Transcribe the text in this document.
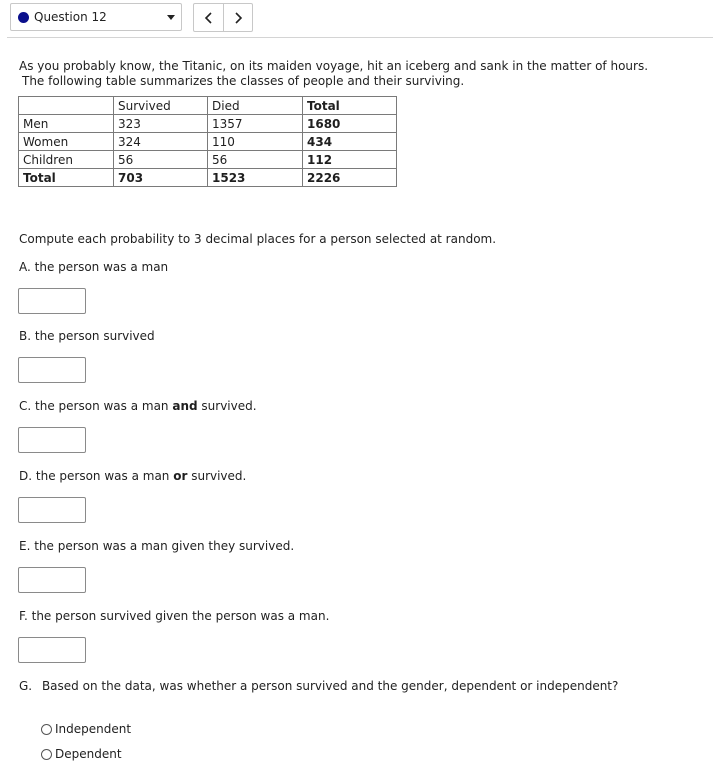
Question 12
As you probably know, the Titanic, on its maiden voyage, hit an iceberg and sank in the matter of hours.
The following table summarizes the classes of people and their surviving.
	Survived	Died	Total
Men	323	1357	1680
Women	324	110	434
Children	56	56	112
Total	703	1523	2226
Compute each probability to 3 decimal places for a person selected at random.
A. the person was a man
B. the person survived
C. the person was a man and survived.
D. the person was a man or survived.
E. the person was a man given they survived.
F. the person survived given the person was a man.
G. Based on the data, was whether a person survived and the gender, dependent or independent?
Independent
Dependent
